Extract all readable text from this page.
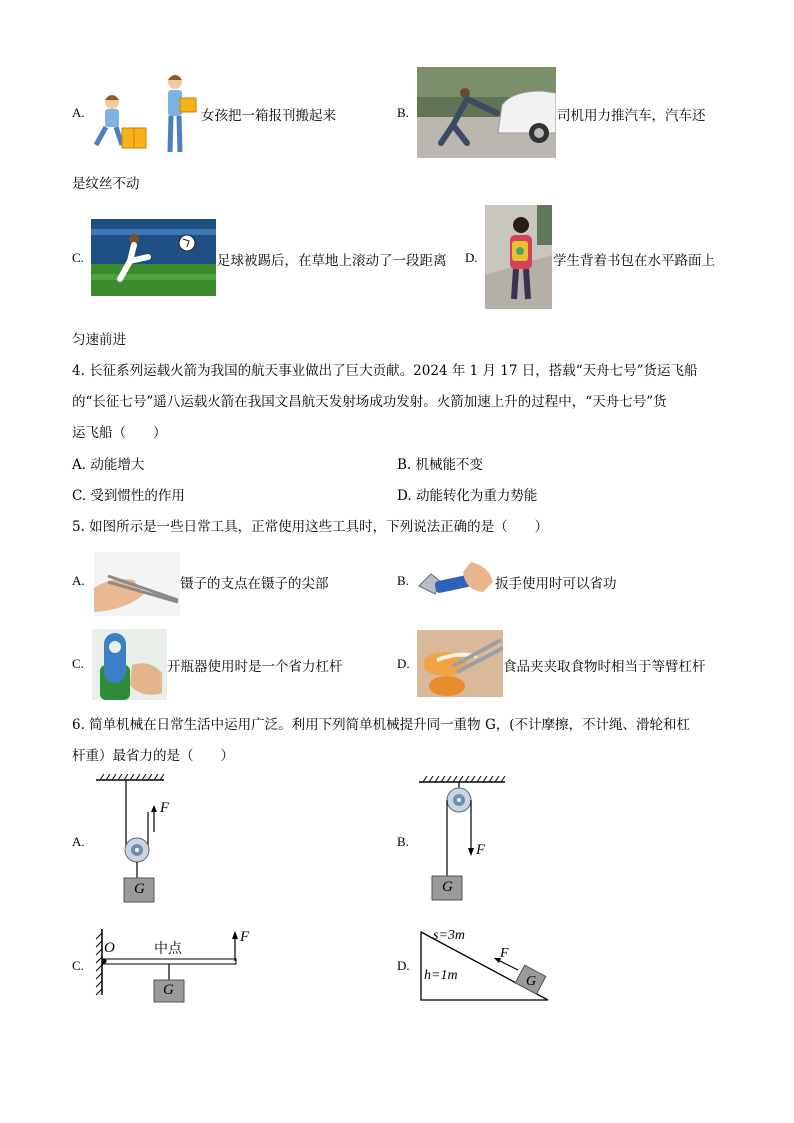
A.	女孩把一箱报刊搬起来	B.	司机用力推汽车，汽车还
是纹丝不动
C.	足球被踢后，在草地上滚动了一段距离 D.	学生背着书包在水平路面上
匀速前进
4. 长征系列运载火箭为我国的航天事业做出了巨大贡献。2024 年 1 月 17 日，搭载“天舟七号”货运飞船
的“长征七号”遥八运载火箭在我国文昌航天发射场成功发射。火箭加速上升的过程中，“天舟七号”货
运飞船（　　）
A. 动能增大	B. 机械能不变
C. 受到惯性的作用	D. 动能转化为重力势能
5. 如图所示是一些日常工具，正常使用这些工具时，下列说法正确的是（　　）
A.	镊子的支点在镊子的尖部	B.	扳手使用时可以省功
C.	开瓶器使用时是一个省力杠杆	D.	食品夹夹取食物时相当于等臂杠杆
6. 简单机械在日常生活中运用广泛。利用下列简单机械提升同一重物 G，(不计摩擦，不计绳、滑轮和杠
杆重）最省力的是（　　）
A.
F
G
B.
F
G
C.
O	中点
F
G
D.
s=3m
h=1m
F
G
